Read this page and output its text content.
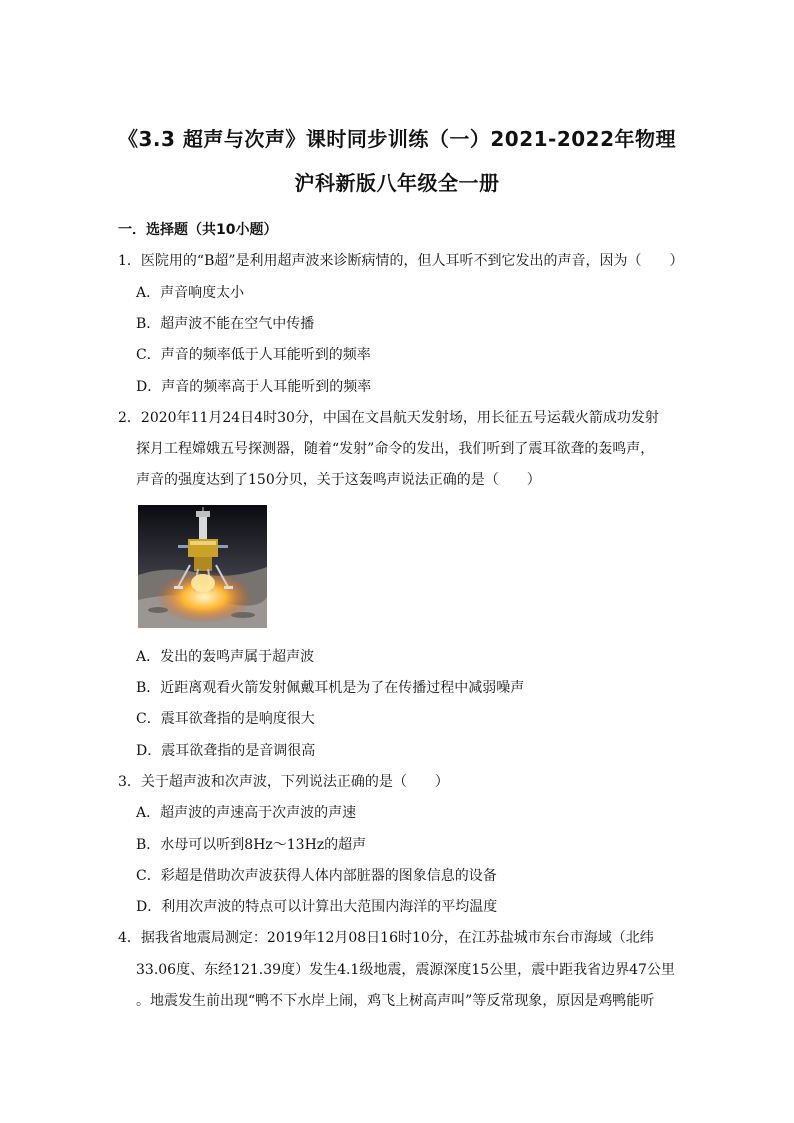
《3.3 超声与次声》课时同步训练（一）2021-2022年物理
沪科新版八年级全一册
一．选择题（共10小题）
1．医院用的“B超”是利用超声波来诊断病情的，但人耳听不到它发出的声音，因为（　　）
A．声音响度太小
B．超声波不能在空气中传播
C．声音的频率低于人耳能听到的频率
D．声音的频率高于人耳能听到的频率
2．2020年11月24日4时30分，中国在文昌航天发射场，用长征五号运载火箭成功发射
探月工程嫦娥五号探测器，随着“发射”命令的发出，我们听到了震耳欲聋的轰鸣声，
声音的强度达到了150分贝，关于这轰鸣声说法正确的是（　　）
A．发出的轰鸣声属于超声波
B．近距离观看火箭发射佩戴耳机是为了在传播过程中减弱噪声
C．震耳欲聋指的是响度很大
D．震耳欲聋指的是音调很高
3．关于超声波和次声波，下列说法正确的是（　　）
A．超声波的声速高于次声波的声速
B．水母可以听到8Hz～13Hz的超声
C．彩超是借助次声波获得人体内部脏器的图象信息的设备
D．利用次声波的特点可以计算出大范围内海洋的平均温度
4．据我省地震局测定：2019年12月08日16时10分，在江苏盐城市东台市海域（北纬
33.06度、东经121.39度）发生4.1级地震，震源深度15公里，震中距我省边界47公里
。地震发生前出现“鸭不下水岸上闹，鸡飞上树高声叫”等反常现象，原因是鸡鸭能听
